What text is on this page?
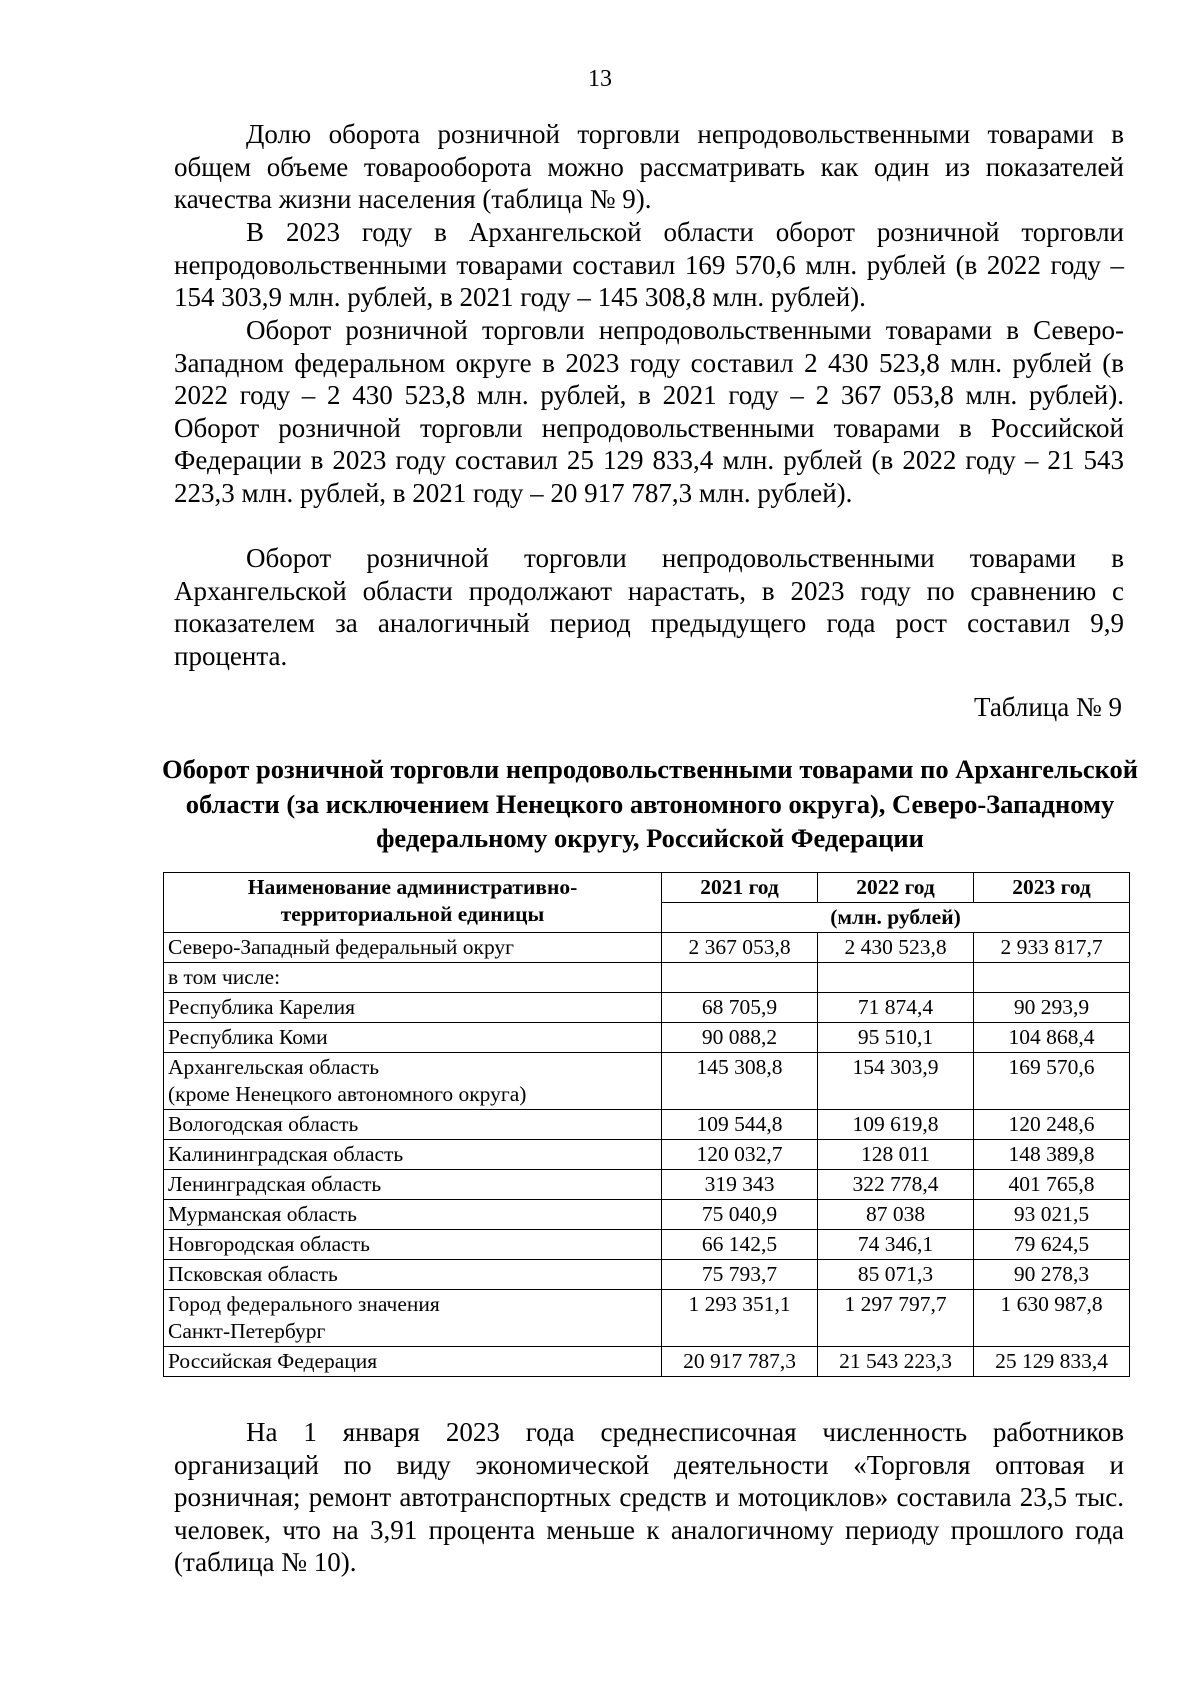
13

Долю оборота розничной торговли непродовольственными товарами в общем объеме товарооборота можно рассматривать как один из показателей качества жизни населения (таблица № 9).

В 2023 году в Архангельской области оборот розничной торговли непродовольственными товарами составил 169 570,6 млн. рублей (в 2022 году – 154 303,9 млн. рублей, в 2021 году – 145 308,8 млн. рублей).

Оборот розничной торговли непродовольственными товарами в Северо-Западном федеральном округе в 2023 году составил 2 430 523,8 млн. рублей (в 2022 году – 2 430 523,8 млн. рублей, в 2021 году – 2 367 053,8 млн. рублей). Оборот розничной торговли непродовольственными товарами в Российской Федерации в 2023 году составил 25 129 833,4 млн. рублей (в 2022 году – 21 543 223,3 млн. рублей, в 2021 году – 20 917 787,3 млн. рублей).

Оборот розничной торговли непродовольственными товарами в Архангельской области продолжают нарастать, в 2023 году по сравнению с показателем за аналогичный период предыдущего года рост составил 9,9 процента.

Таблица № 9
Оборот розничной торговли непродовольственными товарами по Архангельской области (за исключением Ненецкого автономного округа), Северо-Западному федеральному округу, Российской Федерации
Наименование административно-территориальной единицы	2021 год	2022 год	2023 год
	(млн. рублей)		

Северо-Западный федеральный округ	2 367 053,8	2 430 523,8	2 933 817,7

в том числе:			

Республика Карелия	68 705,9	71 874,4	90 293,9

Республика Коми	90 088,2	95 510,1	104 868,4

Архангельская область
(кроме Ненецкого автономного округа)	145 308,8	154 303,9	169 570,6

Вологодская область	109 544,8	109 619,8	120 248,6

Калининградская область	120 032,7	128 011	148 389,8

Ленинградская область	319 343	322 778,4	401 765,8

Мурманская область	75 040,9	87 038	93 021,5

Новгородская область	66 142,5	74 346,1	79 624,5

Псковская область	75 793,7	85 071,3	90 278,3

Город федерального значения
Санкт-Петербург	1 293 351,1	1 297 797,7	1 630 987,8

Российская Федерация	20 917 787,3	21 543 223,3	25 129 833,4

На 1 января 2023 года среднесписочная численность работников организаций по виду экономической деятельности «Торговля оптовая и розничная; ремонт автотранспортных средств и мотоциклов» составила 23,5 тыс. человек, что на 3,91 процента меньше к аналогичному периоду прошлого года (таблица № 10).
